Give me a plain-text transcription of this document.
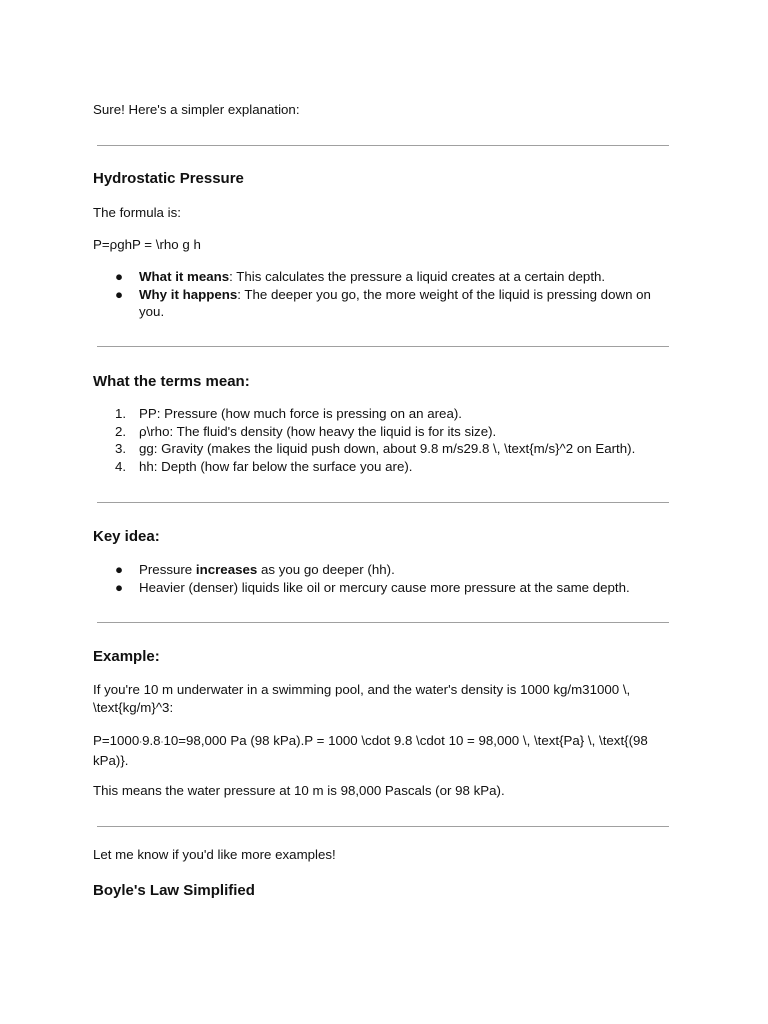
Sure! Here's a simpler explanation:

Hydrostatic Pressure

The formula is:

P=ρghP = \rho g h

● What it means: This calculates the pressure a liquid creates at a certain depth.
● Why it happens: The deeper you go, the more weight of the liquid is pressing down on you.
What the terms mean:
1. PP: Pressure (how much force is pressing on an area).
2. ρ\rho: The fluid's density (how heavy the liquid is for its size).
3. gg: Gravity (makes the liquid push down, about 9.8 m/s29.8 \, \text{m/s}^2 on Earth).
4. hh: Depth (how far below the surface you are).
Key idea:
● Pressure increases as you go deeper (hh).
● Heavier (denser) liquids like oil or mercury cause more pressure at the same depth.
Example:

If you're 10 m underwater in a swimming pool, and the water's density is 1000 kg/m31000 \, \text{kg/m}^3:

P=1000⋅9.8⋅10=98,000 Pa (98 kPa).P = 1000 \cdot 9.8 \cdot 10 = 98,000 \, \text{Pa} \, \text{(98 kPa)}.

This means the water pressure at 10 m is 98,000 Pascals (or 98 kPa).

Let me know if you'd like more examples!

Boyle's Law Simplified
